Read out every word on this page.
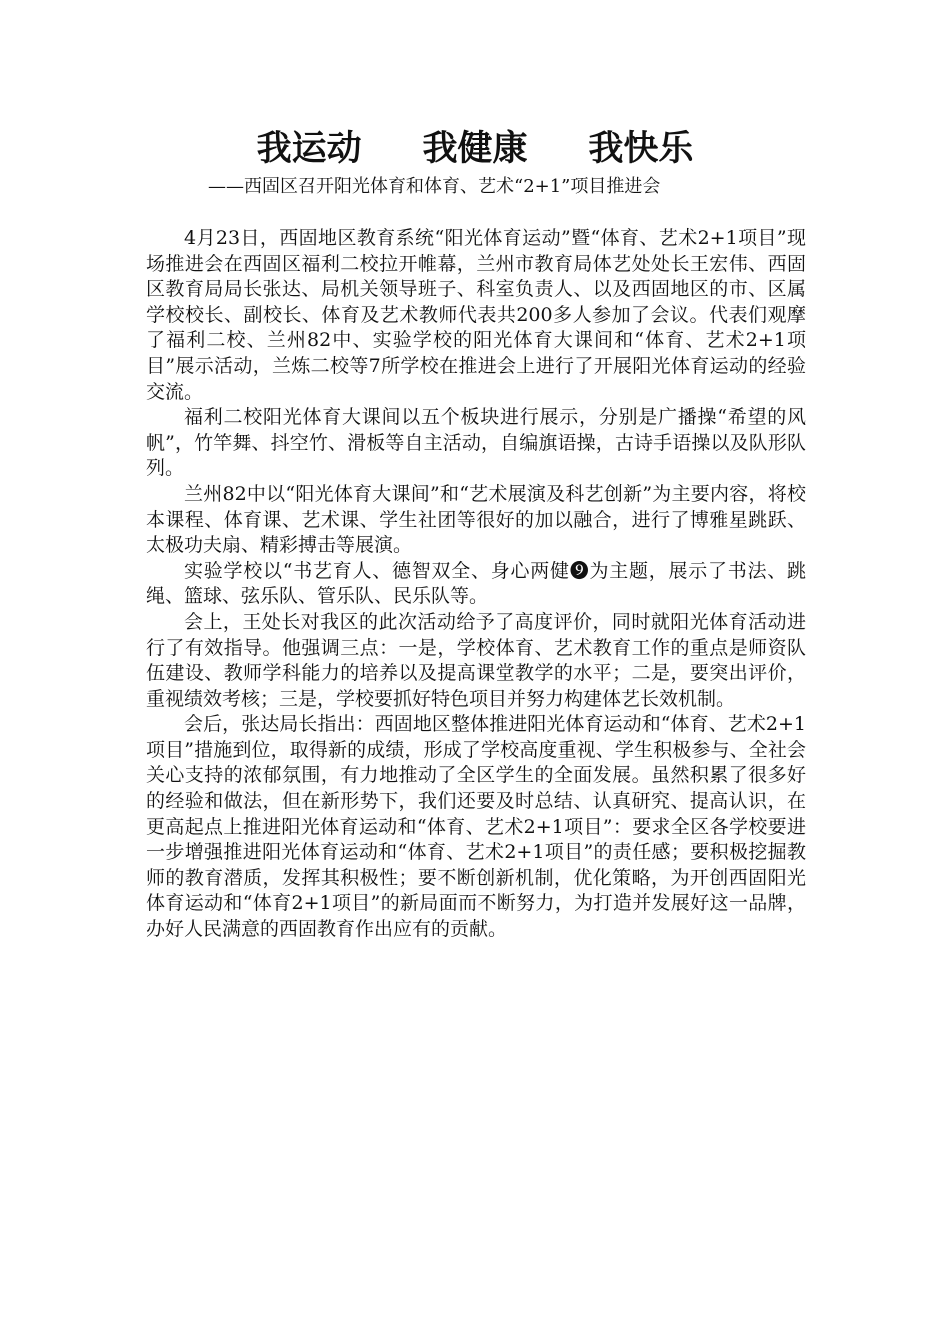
我运动     我健康     我快乐
——西固区召开阳光体育和体育、艺术“2+1”项目推进会

4月23日，西固地区教育系统“阳光体育运动”暨“体育、艺术2+1项目”现场推进会在西固区福利二校拉开帷幕，兰州市教育局体艺处处长王宏伟、西固区教育局局长张达、局机关领导班子、科室负责人、以及西固地区的市、区属学校校长、副校长、体育及艺术教师代表共200多人参加了会议。代表们观摩了福利二校、兰州82中、实验学校的阳光体育大课间和“体育、艺术2+1项目”展示活动，兰炼二校等7所学校在推进会上进行了开展阳光体育运动的经验交流。

福利二校阳光体育大课间以五个板块进行展示，分别是广播操“希望的风帆”，竹竿舞、抖空竹、滑板等自主活动，自编旗语操，古诗手语操以及队形队列。

兰州82中以“阳光体育大课间”和“艺术展演及科艺创新”为主要内容，将校本课程、体育课、艺术课、学生社团等很好的加以融合，进行了博雅星跳跃、太极功夫扇、精彩搏击等展演。

实验学校以“书艺育人、德智双全、身心两健❾为主题，展示了书法、跳绳、篮球、弦乐队、管乐队、民乐队等。

会上，王处长对我区的此次活动给予了高度评价，同时就阳光体育活动进行了有效指导。他强调三点：一是，学校体育、艺术教育工作的重点是师资队伍建设、教师学科能力的培养以及提高课堂教学的水平；二是，要突出评价，重视绩效考核；三是，学校要抓好特色项目并努力构建体艺长效机制。

会后，张达局长指出：西固地区整体推进阳光体育运动和“体育、艺术2+1项目”措施到位，取得新的成绩，形成了学校高度重视、学生积极参与、全社会关心支持的浓郁氛围，有力地推动了全区学生的全面发展。虽然积累了很多好的经验和做法，但在新形势下，我们还要及时总结、认真研究、提高认识，在更高起点上推进阳光体育运动和“体育、艺术2+1项目”：要求全区各学校要进一步增强推进阳光体育运动和“体育、艺术2+1项目”的责任感；要积极挖掘教师的教育潜质，发挥其积极性；要不断创新机制，优化策略，为开创西固阳光体育运动和“体育2+1项目”的新局面而不断努力，为打造并发展好这一品牌，办好人民满意的西固教育作出应有的贡献。
